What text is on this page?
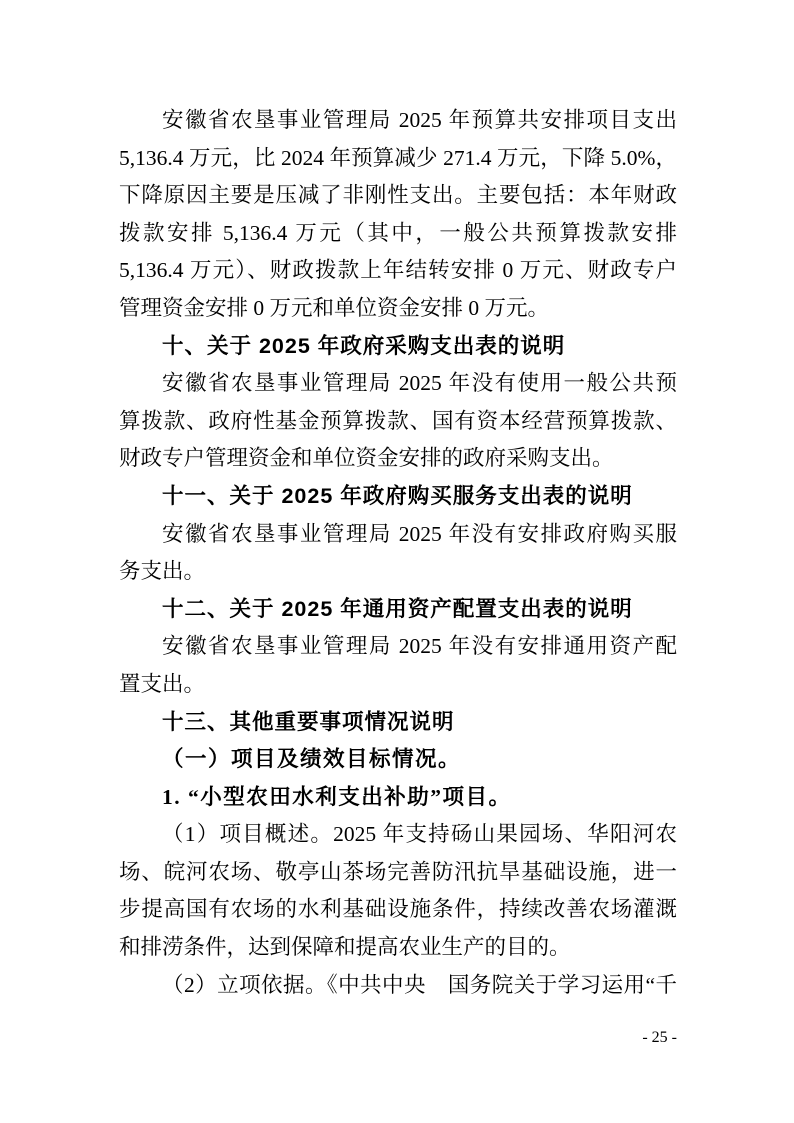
安徽省农垦事业管理局 2025 年预算共安排项目支出
5,136.4 万元，比 2024 年预算减少 271.4 万元，下降 5.0%，
下降原因主要是压减了非刚性支出。主要包括：本年财政
拨款安排 5,136.4 万元（其中，一般公共预算拨款安排
5,136.4 万元）、财政拨款上年结转安排 0 万元、财政专户
管理资金安排 0 万元和单位资金安排 0 万元。
十、关于 2025 年政府采购支出表的说明
安徽省农垦事业管理局 2025 年没有使用一般公共预
算拨款、政府性基金预算拨款、国有资本经营预算拨款、
财政专户管理资金和单位资金安排的政府采购支出。
十一、关于 2025 年政府购买服务支出表的说明
安徽省农垦事业管理局 2025 年没有安排政府购买服
务支出。
十二、关于 2025 年通用资产配置支出表的说明
安徽省农垦事业管理局 2025 年没有安排通用资产配
置支出。
十三、其他重要事项情况说明
（一）项目及绩效目标情况。
1. “小型农田水利支出补助”项目。
（1）项目概述。2025 年支持砀山果园场、华阳河农
场、皖河农场、敬亭山茶场完善防汛抗旱基础设施，进一
步提高国有农场的水利基础设施条件，持续改善农场灌溉
和排涝条件，达到保障和提高农业生产的目的。
（2）立项依据。《中共中央　国务院关于学习运用“千
- 25 -
